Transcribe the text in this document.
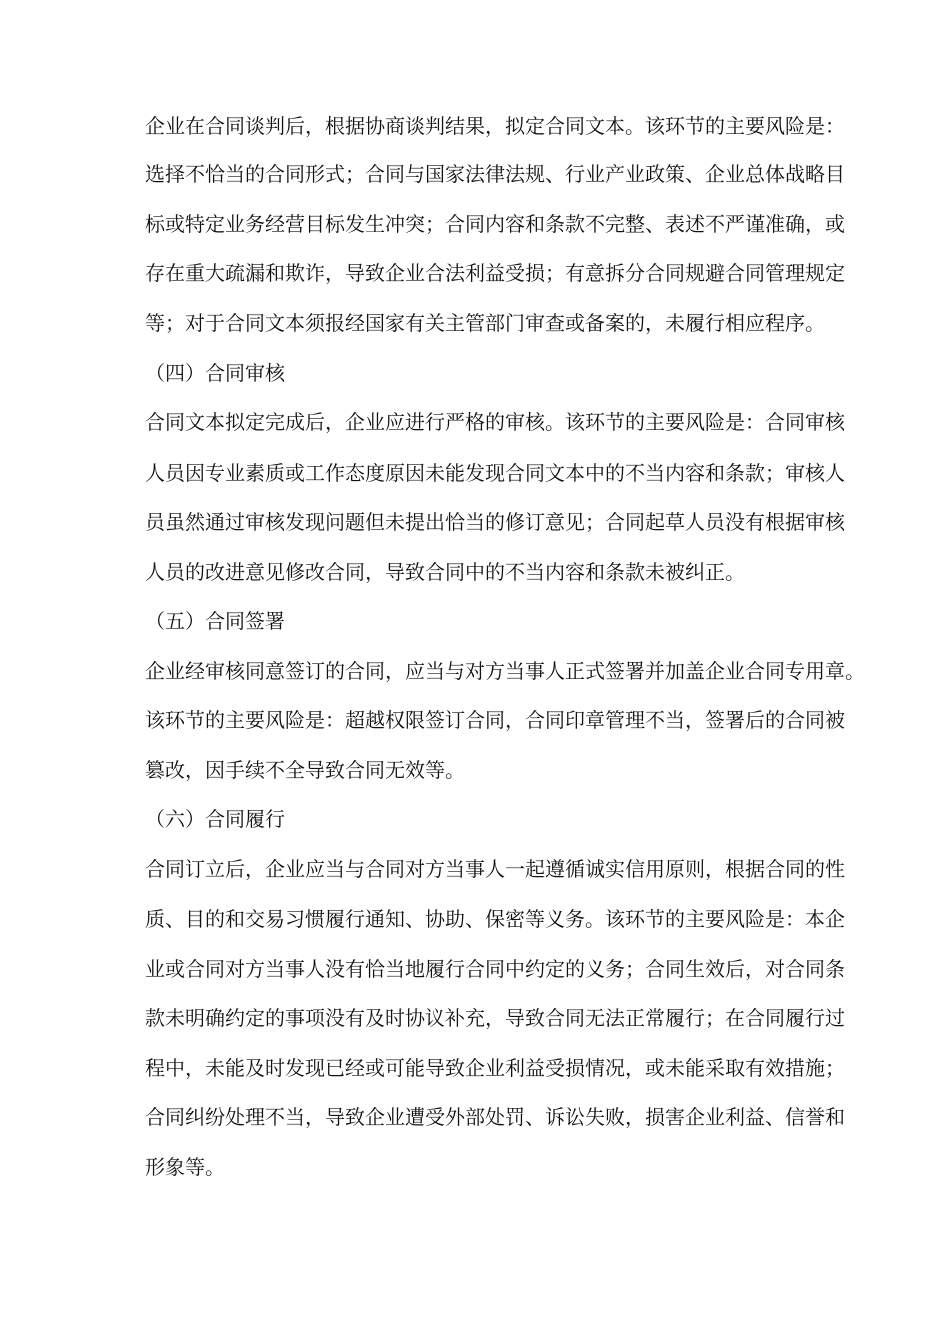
企业在合同谈判后，根据协商谈判结果，拟定合同文本。该环节的主要风险是：
选择不恰当的合同形式；合同与国家法律法规、行业产业政策、企业总体战略目
标或特定业务经营目标发生冲突；合同内容和条款不完整、表述不严谨准确，或
存在重大疏漏和欺诈，导致企业合法利益受损；有意拆分合同规避合同管理规定
等；对于合同文本须报经国家有关主管部门审查或备案的，未履行相应程序。
（四）合同审核
合同文本拟定完成后，企业应进行严格的审核。该环节的主要风险是：合同审核
人员因专业素质或工作态度原因未能发现合同文本中的不当内容和条款；审核人
员虽然通过审核发现问题但未提出恰当的修订意见；合同起草人员没有根据审核
人员的改进意见修改合同，导致合同中的不当内容和条款未被纠正。
（五）合同签署
企业经审核同意签订的合同，应当与对方当事人正式签署并加盖企业合同专用章。
该环节的主要风险是：超越权限签订合同，合同印章管理不当，签署后的合同被
篡改，因手续不全导致合同无效等。
（六）合同履行
合同订立后，企业应当与合同对方当事人一起遵循诚实信用原则，根据合同的性
质、目的和交易习惯履行通知、协助、保密等义务。该环节的主要风险是：本企
业或合同对方当事人没有恰当地履行合同中约定的义务；合同生效后，对合同条
款未明确约定的事项没有及时协议补充，导致合同无法正常履行；在合同履行过
程中，未能及时发现已经或可能导致企业利益受损情况，或未能采取有效措施；
合同纠纷处理不当，导致企业遭受外部处罚、诉讼失败，损害企业利益、信誉和
形象等。
